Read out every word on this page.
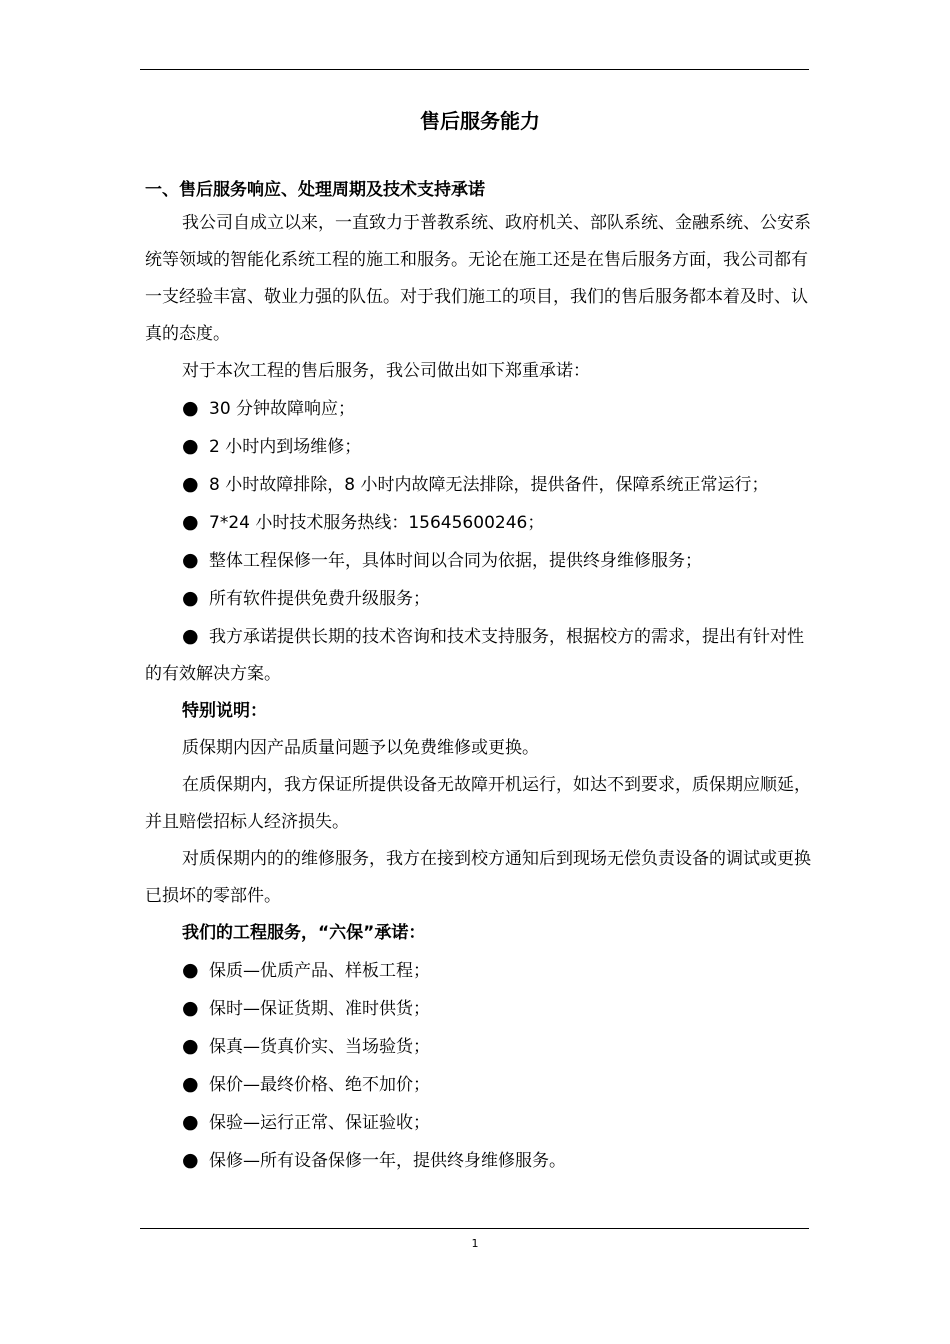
售后服务能力
一、售后服务响应、处理周期及技术支持承诺

我公司自成立以来，一直致力于普教系统、政府机关、部队系统、金融系统、公安系统等领域的智能化系统工程的施工和服务。无论在施工还是在售后服务方面，我公司都有一支经验丰富、敬业力强的队伍。对于我们施工的项目，我们的售后服务都本着及时、认真的态度。

对于本次工程的售后服务，我公司做出如下郑重承诺：

● 30 分钟故障响应；

● 2 小时内到场维修；

● 8 小时故障排除，8 小时内故障无法排除，提供备件，保障系统正常运行；

● 7*24 小时技术服务热线：15645600246；

● 整体工程保修一年，具体时间以合同为依据，提供终身维修服务；

● 所有软件提供免费升级服务；

● 我方承诺提供长期的技术咨询和技术支持服务，根据校方的需求，提出有针对性的有效解决方案。

特别说明：

质保期内因产品质量问题予以免费维修或更换。

在质保期内，我方保证所提供设备无故障开机运行，如达不到要求，质保期应顺延，并且赔偿招标人经济损失。

对质保期内的的维修服务，我方在接到校方通知后到现场无偿负责设备的调试或更换已损坏的零部件。

我们的工程服务，“六保”承诺：

● 保质—优质产品、样板工程；

● 保时—保证货期、准时供货；

● 保真—货真价实、当场验货；

● 保价—最终价格、绝不加价；

● 保验—运行正常、保证验收；

● 保修—所有设备保修一年，提供终身维修服务。

1
